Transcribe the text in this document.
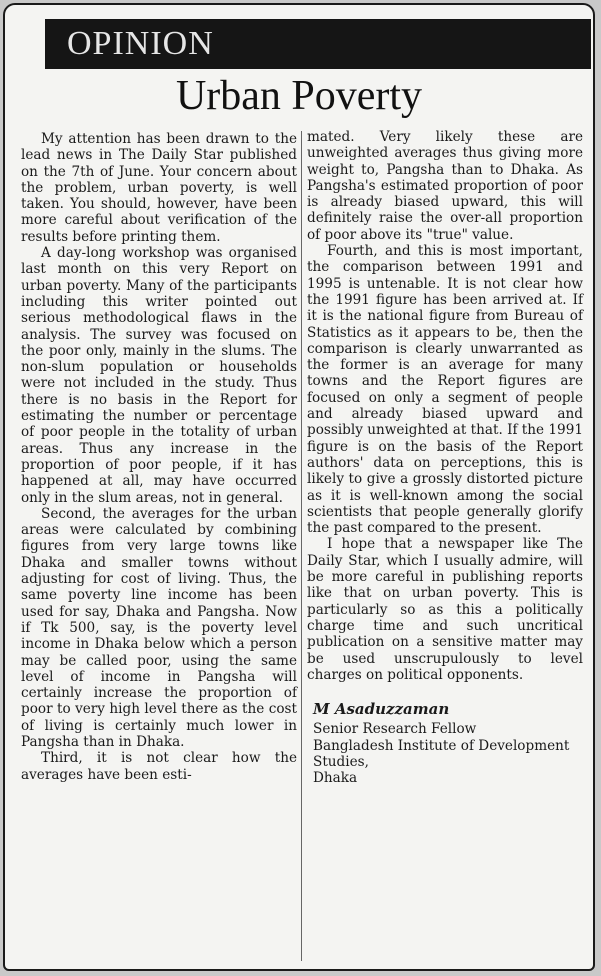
OPINION
Urban Poverty

My attention has been drawn to the lead news in The Daily Star published on the 7th of June. Your concern about the problem, urban poverty, is well taken. You should, however, have been more careful about verification of the results before printing them.

A day-long workshop was organised last month on this very Report on urban poverty. Many of the participants including this writer pointed out serious methodological flaws in the analysis. The survey was focused on the poor only, mainly in the slums. The non-slum population or households were not included in the study. Thus there is no basis in the Report for estimating the number or percentage of poor people in the totality of urban areas. Thus any increase in the proportion of poor people, if it has happened at all, may have occurred only in the slum areas, not in general.

Second, the averages for the urban areas were calculated by combining figures from very large towns like Dhaka and smaller towns without adjusting for cost of living. Thus, the same poverty line income has been used for say, Dhaka and Pangsha. Now if Tk 500, say, is the poverty level income in Dhaka below which a person may be called poor, using the same level of income in Pangsha will certainly increase the proportion of poor to very high level there as the cost of living is certainly much lower in Pangsha than in Dhaka.

Third, it is not clear how the averages have been esti-

mated. Very likely these are unweighted averages thus giving more weight to, Pangsha than to Dhaka. As Pangsha's estimated proportion of poor is already biased upward, this will definitely raise the over-all proportion of poor above its "true" value.

Fourth, and this is most important, the comparison between 1991 and 1995 is untenable. It is not clear how the 1991 figure has been arrived at. If it is the national figure from Bureau of Statistics as it appears to be, then the comparison is clearly unwarranted as the former is an average for many towns and the Report figures are focused on only a segment of people and already biased upward and possibly unweighted at that. If the 1991 figure is on the basis of the Report authors' data on perceptions, this is likely to give a grossly distorted picture as it is well-known among the social scientists that people generally glorify the past compared to the present.

I hope that a newspaper like The Daily Star, which I usually admire, will be more careful in publishing reports like that on urban poverty. This is particularly so as this a politically charge time and such uncritical publication on a sensitive matter may be used unscrupulously to level charges on political opponents.

M Asaduzzaman
Senior Research Fellow
Bangladesh Institute of Development Studies,
Dhaka
